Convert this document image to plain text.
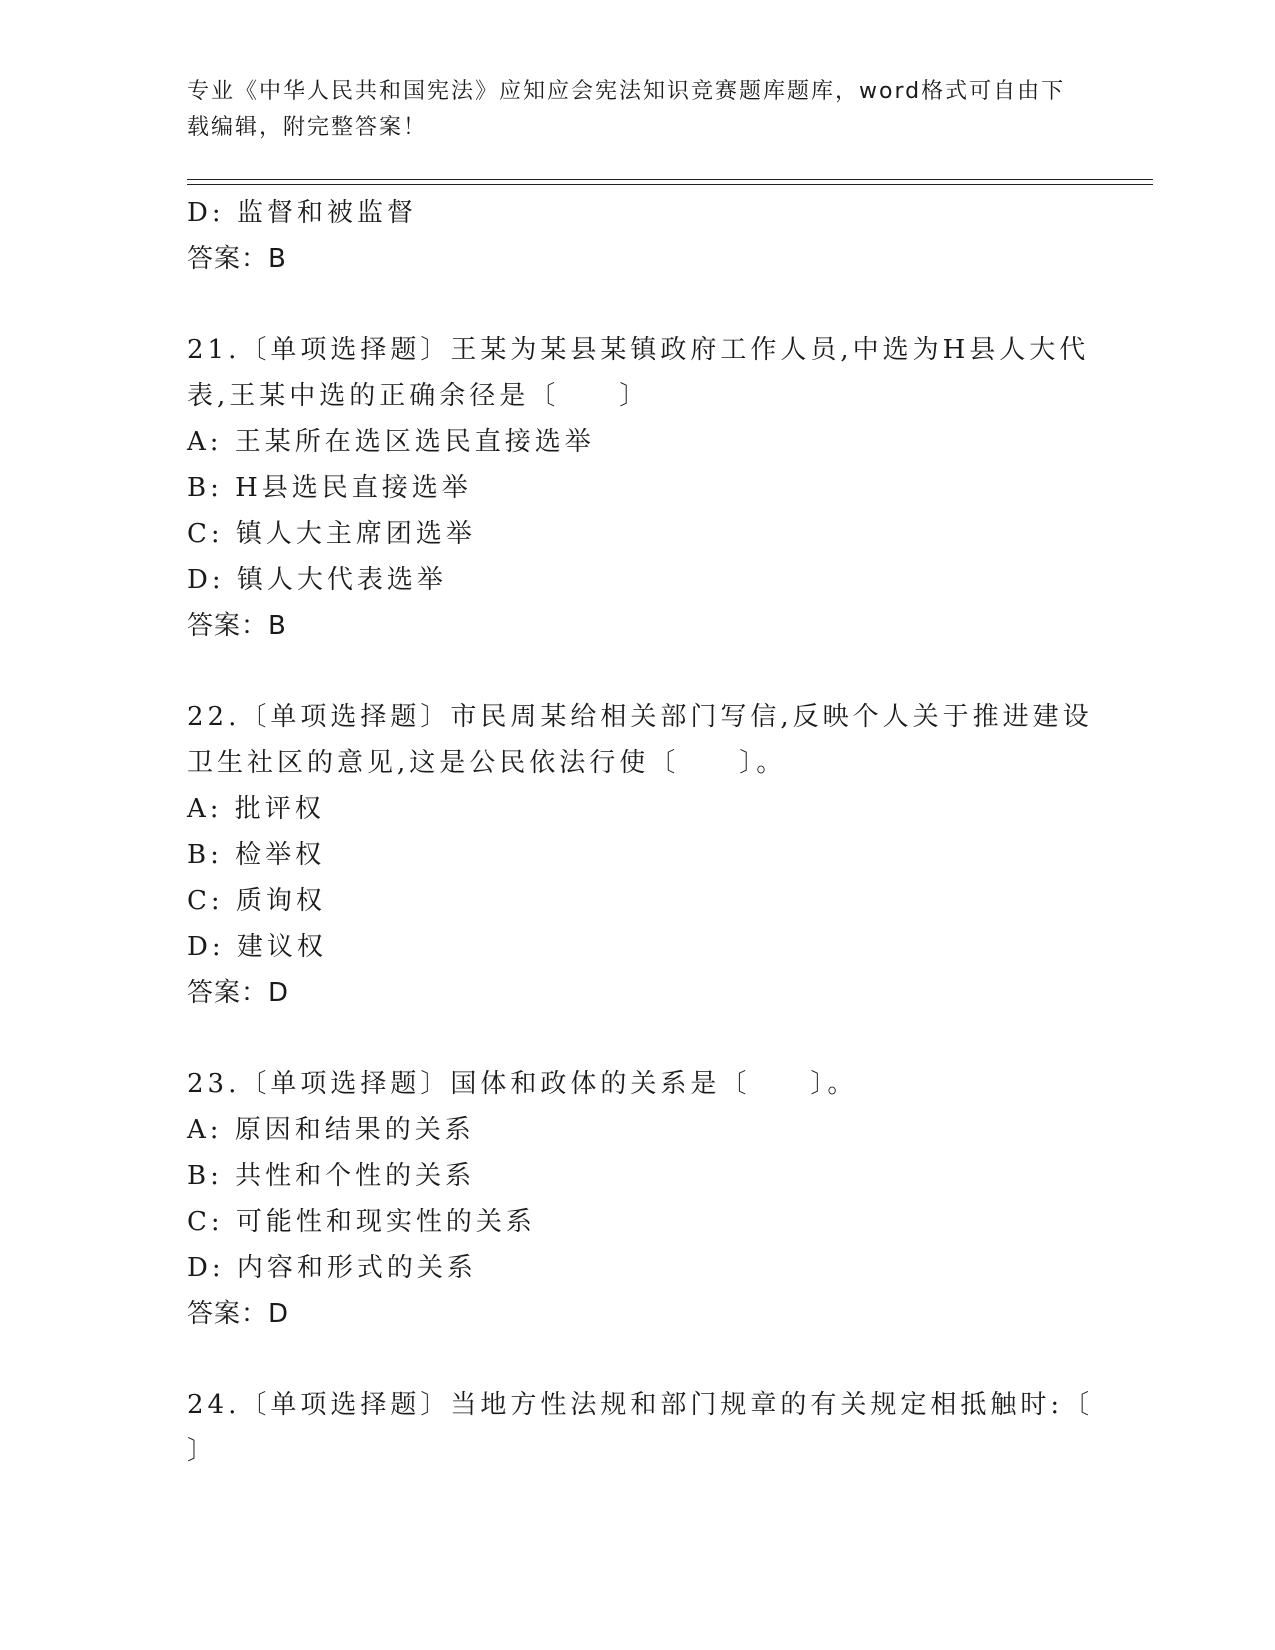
专业《中华人民共和国宪法》应知应会宪法知识竞赛题库题库，word格式可自由下载编辑，附完整答案！
D: 监督和被监督
答案：B
21.〔单项选择题〕王某为某县某镇政府工作人员,中选为H县人大代
表,王某中选的正确余径是〔　　〕
A: 王某所在选区选民直接选举
B: H县选民直接选举
C: 镇人大主席团选举
D: 镇人大代表选举
答案：B
22.〔单项选择题〕市民周某给相关部门写信,反映个人关于推进建设
卫生社区的意见,这是公民依法行使〔　　〕。
A: 批评权
B: 检举权
C: 质询权
D: 建议权
答案：D
23.〔单项选择题〕国体和政体的关系是〔　　〕。
A: 原因和结果的关系
B: 共性和个性的关系
C: 可能性和现实性的关系
D: 内容和形式的关系
答案：D
24.〔单项选择题〕当地方性法规和部门规章的有关规定相抵触时:〔
〕
